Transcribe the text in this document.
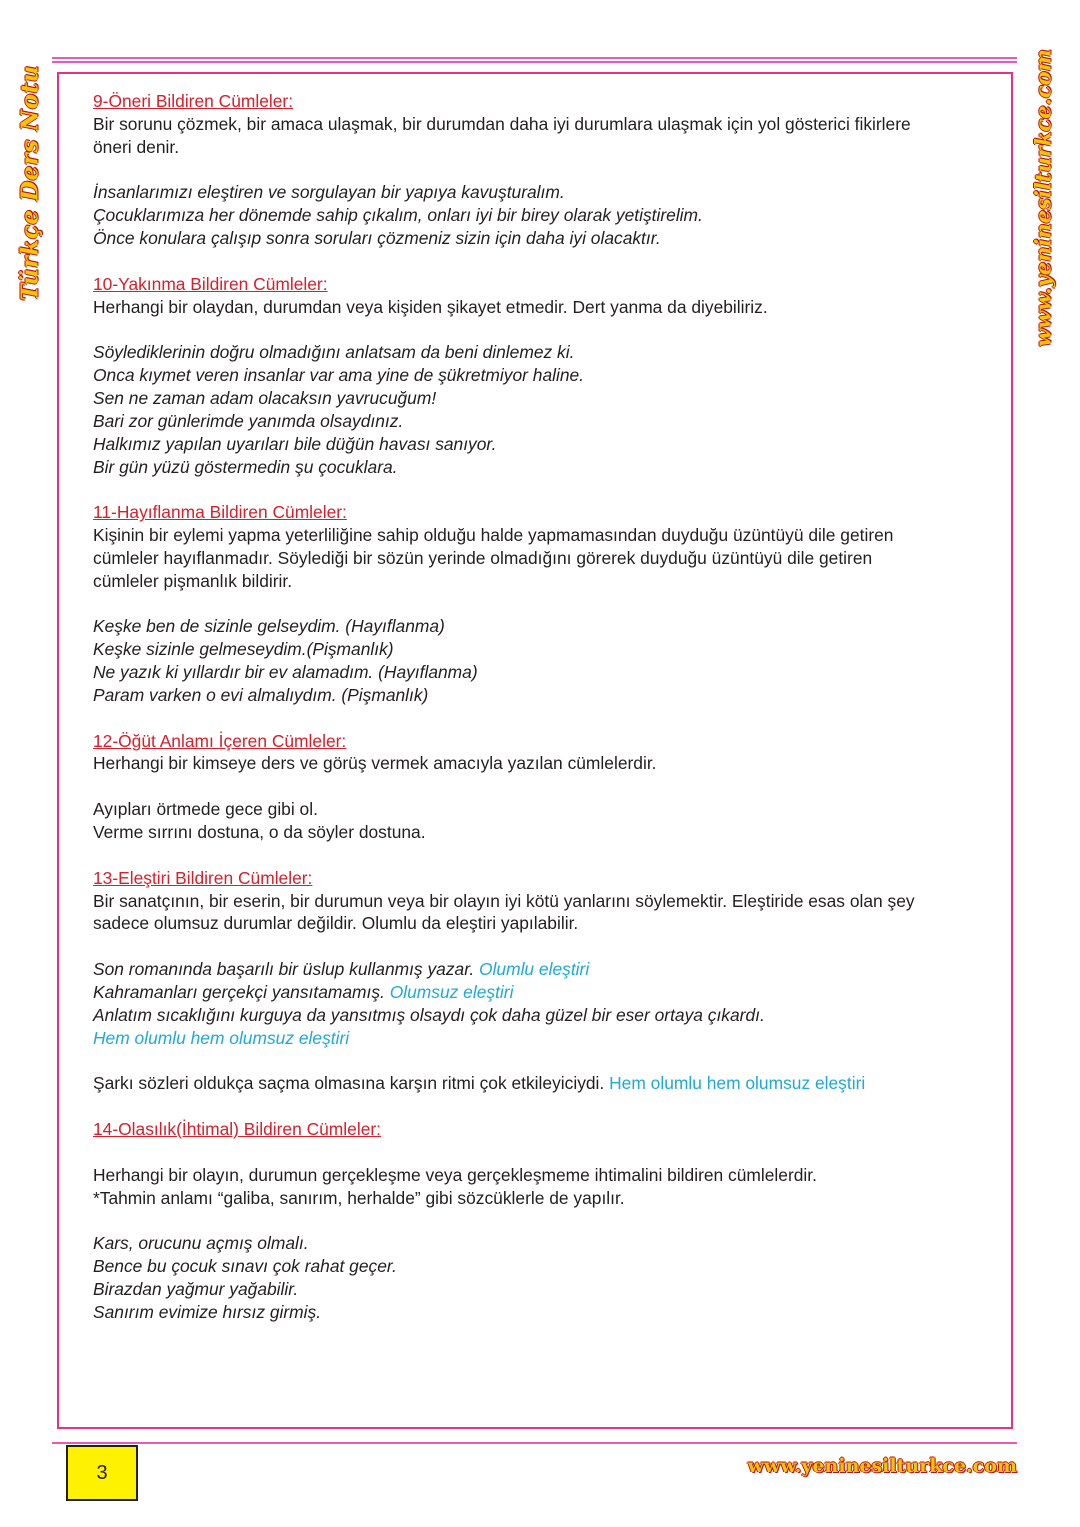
Türkçe Ders Notu	www.yeninesilturkce.com

9-Öneri Bildiren Cümleler:

Bir sorunu çözmek, bir amaca ulaşmak, bir durumdan daha iyi durumlara ulaşmak için yol gösterici fikirlere

öneri denir.

İnsanlarımızı eleştiren ve sorgulayan bir yapıya kavuşturalım.

Çocuklarımıza her dönemde sahip çıkalım, onları iyi bir birey olarak yetiştirelim.

Önce konulara çalışıp sonra soruları çözmeniz sizin için daha iyi olacaktır.

10-Yakınma Bildiren Cümleler:

Herhangi bir olaydan, durumdan veya kişiden şikayet etmedir. Dert yanma da diyebiliriz.

Söylediklerinin doğru olmadığını anlatsam da beni dinlemez ki.

Onca kıymet veren insanlar var ama yine de şükretmiyor haline.

Sen ne zaman adam olacaksın yavrucuğum!

Bari zor günlerimde yanımda olsaydınız.

Halkımız yapılan uyarıları bile düğün havası sanıyor.

Bir gün yüzü göstermedin şu çocuklara.

11-Hayıflanma Bildiren Cümleler:

Kişinin bir eylemi yapma yeterliliğine sahip olduğu halde yapmamasından duyduğu üzüntüyü dile getiren

cümleler hayıflanmadır. Söylediği bir sözün yerinde olmadığını görerek duyduğu üzüntüyü dile getiren

cümleler pişmanlık bildirir.

Keşke ben de sizinle gelseydim. (Hayıflanma)

Keşke sizinle gelmeseydim.(Pişmanlık)

Ne yazık ki yıllardır bir ev alamadım. (Hayıflanma)

Param varken o evi almalıydım. (Pişmanlık)

12-Öğüt Anlamı İçeren Cümleler:

Herhangi bir kimseye ders ve görüş vermek amacıyla yazılan cümlelerdir.

Ayıpları örtmede gece gibi ol.

Verme sırrını dostuna, o da söyler dostuna.

13-Eleştiri Bildiren Cümleler:

Bir sanatçının, bir eserin, bir durumun veya bir olayın iyi kötü yanlarını söylemektir. Eleştiride esas olan şey

sadece olumsuz durumlar değildir. Olumlu da eleştiri yapılabilir.

Son romanında başarılı bir üslup kullanmış yazar. Olumlu eleştiri

Kahramanları gerçekçi yansıtamamış. Olumsuz eleştiri

Anlatım sıcaklığını kurguya da yansıtmış olsaydı çok daha güzel bir eser ortaya çıkardı.

Hem olumlu hem olumsuz eleştiri

Şarkı sözleri oldukça saçma olmasına karşın ritmi çok etkileyiciydi. Hem olumlu hem olumsuz eleştiri

14-Olasılık(İhtimal) Bildiren Cümleler:

Herhangi bir olayın, durumun gerçekleşme veya gerçekleşmeme ihtimalini bildiren cümlelerdir.

*Tahmin anlamı “galiba, sanırım, herhalde” gibi sözcüklerle de yapılır.

Kars, orucunu açmış olmalı.

Bence bu çocuk sınavı çok rahat geçer.

Birazdan yağmur yağabilir.

Sanırım evimize hırsız girmiş.

3	www.yeninesilturkce.com
